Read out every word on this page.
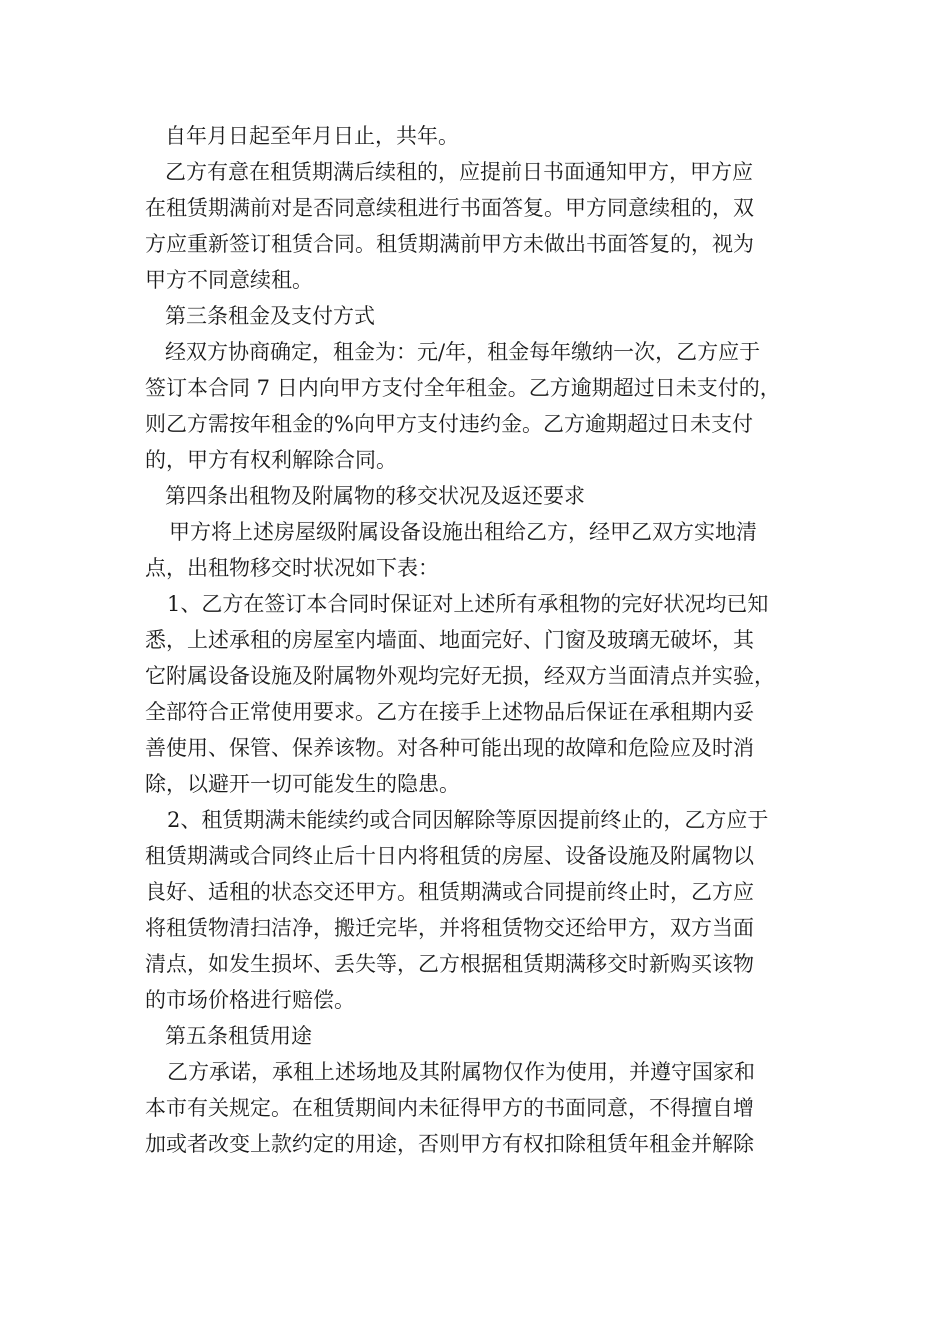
自年月日起至年月日止，共年。

乙方有意在租赁期满后续租的，应提前日书面通知甲方，甲方应
在租赁期满前对是否同意续租进行书面答复。甲方同意续租的，双
方应重新签订租赁合同。租赁期满前甲方未做出书面答复的，视为
甲方不同意续租。

第三条租金及支付方式

经双方协商确定，租金为：元/年，租金每年缴纳一次，乙方应于
签订本合同 7 日内向甲方支付全年租金。乙方逾期超过日未支付的，
则乙方需按年租金的%向甲方支付违约金。乙方逾期超过日未支付
的，甲方有权利解除合同。

第四条出租物及附属物的移交状况及返还要求

甲方将上述房屋级附属设备设施出租给乙方，经甲乙双方实地清
点，出租物移交时状况如下表：

1、乙方在签订本合同时保证对上述所有承租物的完好状况均已知
悉，上述承租的房屋室内墙面、地面完好、门窗及玻璃无破坏，其
它附属设备设施及附属物外观均完好无损，经双方当面清点并实验，
全部符合正常使用要求。乙方在接手上述物品后保证在承租期内妥
善使用、保管、保养该物。对各种可能出现的故障和危险应及时消
除，以避开一切可能发生的隐患。

2、租赁期满未能续约或合同因解除等原因提前终止的，乙方应于
租赁期满或合同终止后十日内将租赁的房屋、设备设施及附属物以
良好、适租的状态交还甲方。租赁期满或合同提前终止时，乙方应
将租赁物清扫洁净，搬迁完毕，并将租赁物交还给甲方，双方当面
清点，如发生损坏、丢失等，乙方根据租赁期满移交时新购买该物
的市场价格进行赔偿。

第五条租赁用途

乙方承诺，承租上述场地及其附属物仅作为使用，并遵守国家和
本市有关规定。在租赁期间内未征得甲方的书面同意，不得擅自增
加或者改变上款约定的用途，否则甲方有权扣除租赁年租金并解除
